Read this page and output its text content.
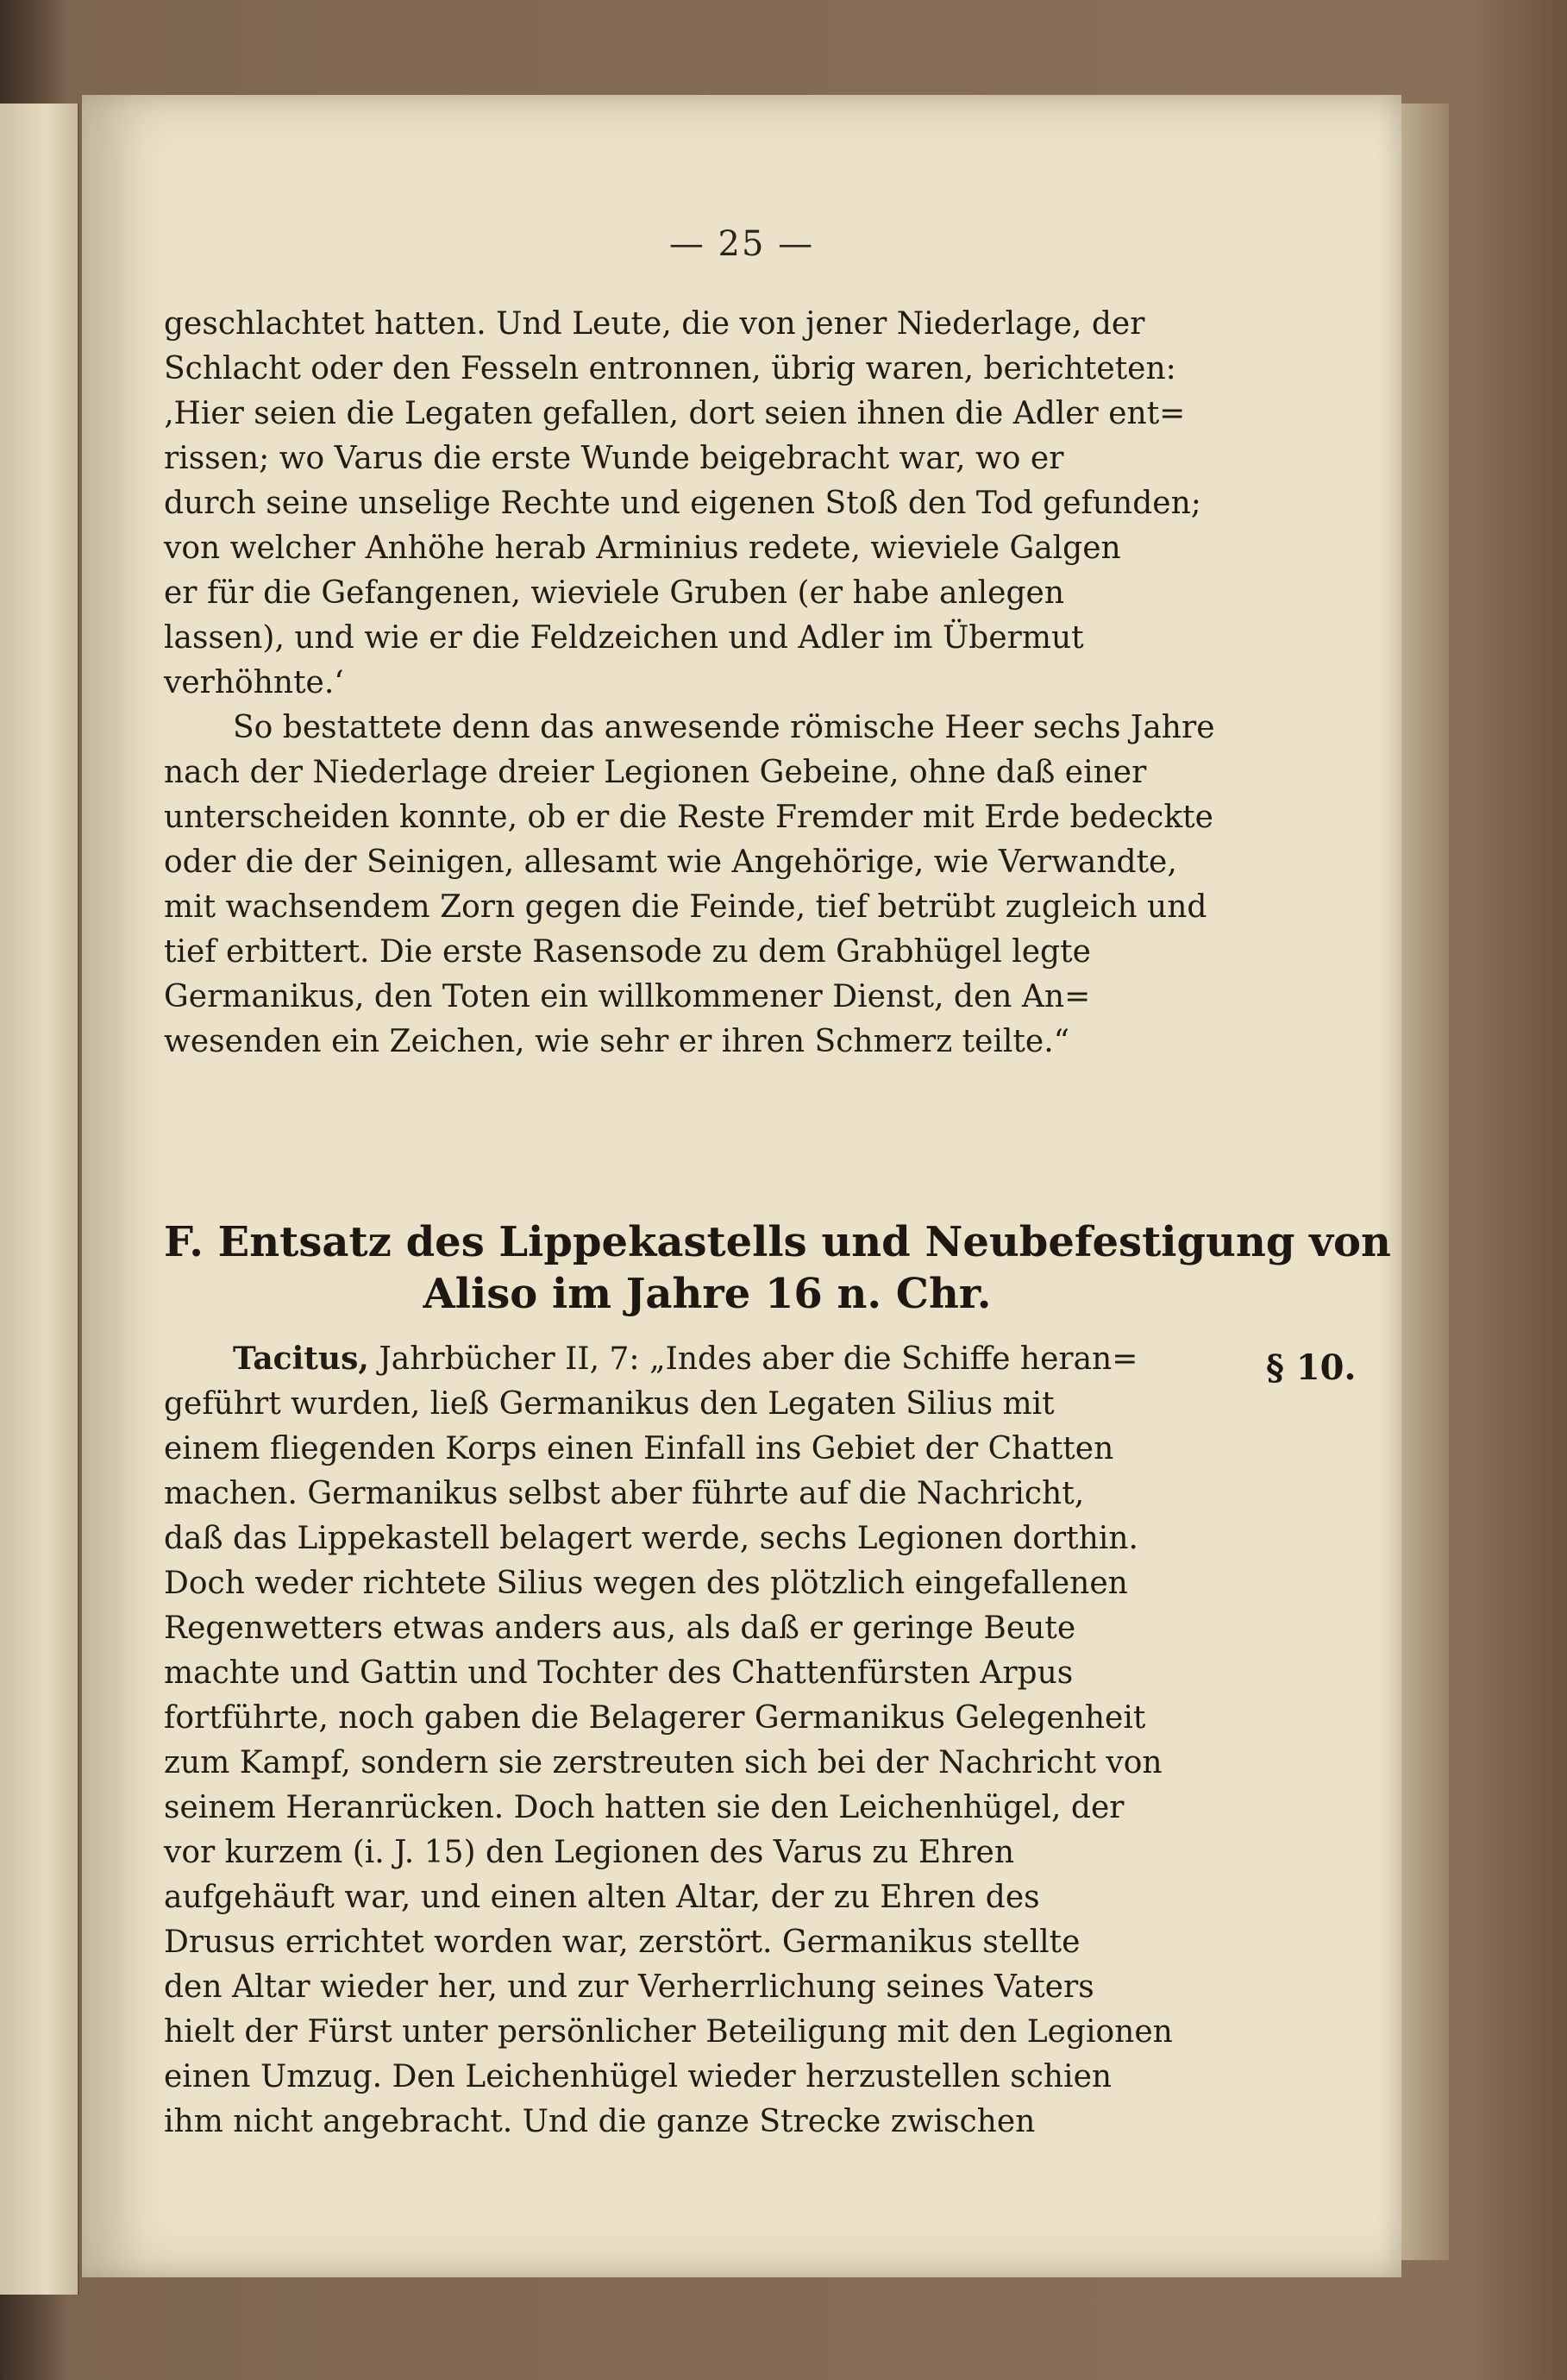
— 25 —
geschlachtet hatten. Und Leute, die von jener Niederlage, der
Schlacht oder den Fesseln entronnen, übrig waren, berichteten:
‚Hier seien die Legaten gefallen, dort seien ihnen die Adler ent=
rissen; wo Varus die erste Wunde beigebracht war, wo er
durch seine unselige Rechte und eigenen Stoß den Tod gefunden;
von welcher Anhöhe herab Arminius redete, wieviele Galgen
er für die Gefangenen, wieviele Gruben (er habe anlegen
lassen), und wie er die Feldzeichen und Adler im Übermut
verhöhnte.‘
So bestattete denn das anwesende römische Heer sechs Jahre
nach der Niederlage dreier Legionen Gebeine, ohne daß einer
unterscheiden konnte, ob er die Reste Fremder mit Erde bedeckte
oder die der Seinigen, allesamt wie Angehörige, wie Verwandte,
mit wachsendem Zorn gegen die Feinde, tief betrübt zugleich und
tief erbittert. Die erste Rasensode zu dem Grabhügel legte
Germanikus, den Toten ein willkommener Dienst, den An=
wesenden ein Zeichen, wie sehr er ihren Schmerz teilte.“
F. Entsatz des Lippekastells und Neubefestigung von
Aliso im Jahre 16 n. Chr.
§ 10.
Tacitus, Jahrbücher II, 7: „Indes aber die Schiffe heran=
geführt wurden, ließ Germanikus den Legaten Silius mit
einem fliegenden Korps einen Einfall ins Gebiet der Chatten
machen. Germanikus selbst aber führte auf die Nachricht,
daß das Lippekastell belagert werde, sechs Legionen dorthin.
Doch weder richtete Silius wegen des plötzlich eingefallenen
Regenwetters etwas anders aus, als daß er geringe Beute
machte und Gattin und Tochter des Chattenfürsten Arpus
fortführte, noch gaben die Belagerer Germanikus Gelegenheit
zum Kampf, sondern sie zerstreuten sich bei der Nachricht von
seinem Heranrücken. Doch hatten sie den Leichenhügel, der
vor kurzem (i. J. 15) den Legionen des Varus zu Ehren
aufgehäuft war, und einen alten Altar, der zu Ehren des
Drusus errichtet worden war, zerstört. Germanikus stellte
den Altar wieder her, und zur Verherrlichung seines Vaters
hielt der Fürst unter persönlicher Beteiligung mit den Legionen
einen Umzug. Den Leichenhügel wieder herzustellen schien
ihm nicht angebracht. Und die ganze Strecke zwischen
